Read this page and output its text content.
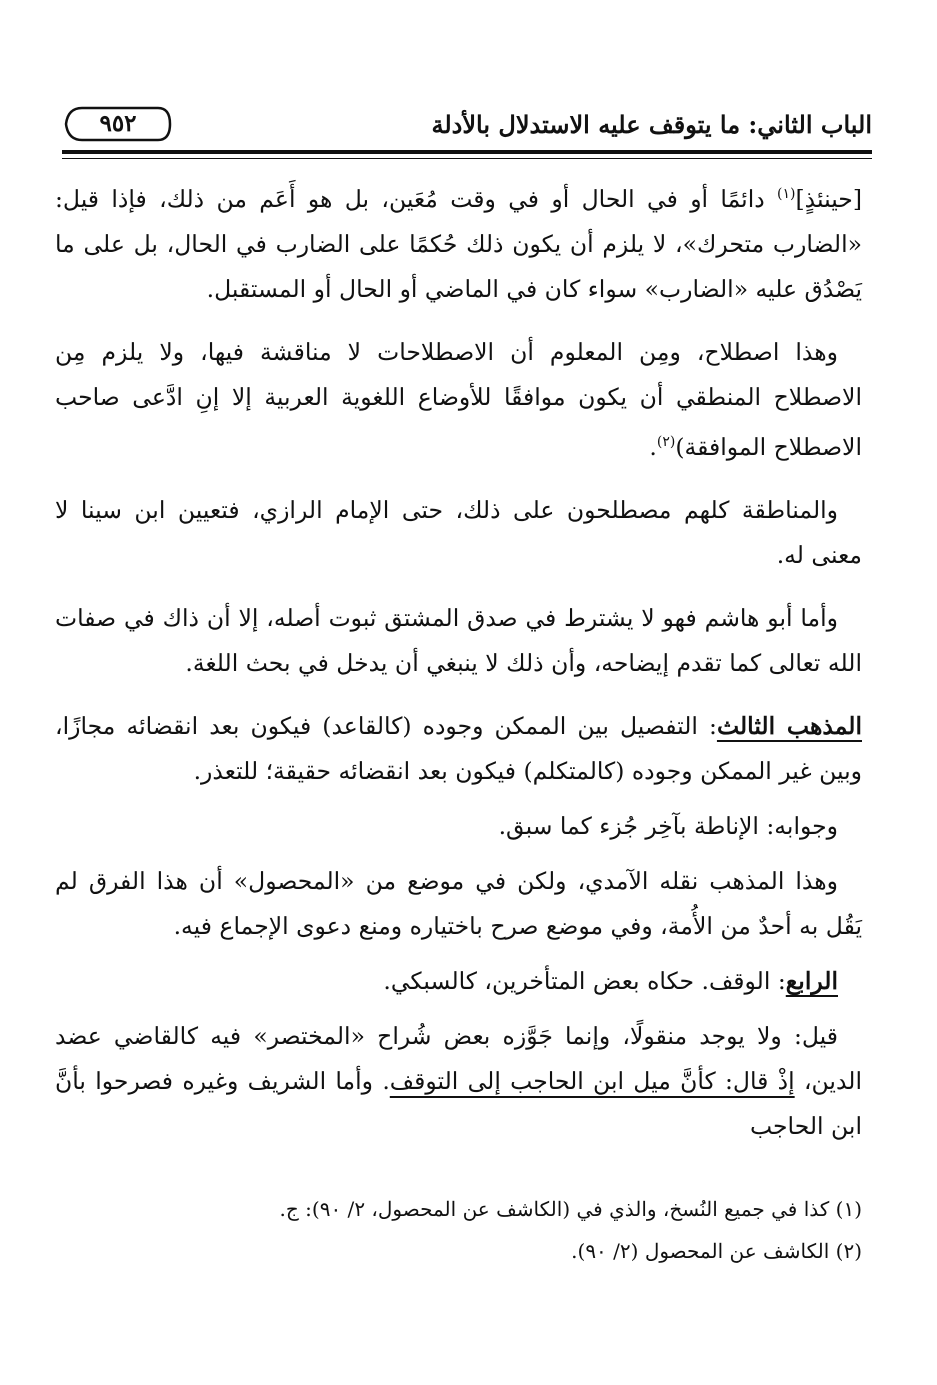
الباب الثاني: ما يتوقف عليه الاستدلال بالأدلة
٩٥٢

[حينئذٍ]$^{(١)}$ دائمًا أو في الحال أو في وقت مُعَين، بل هو أَعَم من ذلك، فإذا قيل: «الضارب متحرك»، لا يلزم أن يكون ذلك حُكمًا على الضارب في الحال، بل على ما يَصْدُق عليه «الضارب» سواء كان في الماضي أو الحال أو المستقبل.

وهذا اصطلاح، ومِن المعلوم أن الاصطلاحات لا مناقشة فيها، ولا يلزم مِن الاصطلاح المنطقي أن يكون موافقًا للأوضاع اللغوية العربية إلا إنِ ادَّعى صاحب الاصطلاح الموافقة)$^{(٢)}$.

والمناطقة كلهم مصطلحون على ذلك، حتى الإمام الرازي، فتعيين ابن سينا لا معنى له.

وأما أبو هاشم فهو لا يشترط في صدق المشتق ثبوت أصله، إلا أن ذاك في صفات الله تعالى كما تقدم إيضاحه، وأن ذلك لا ينبغي أن يدخل في بحث اللغة.

المذهب الثالث: التفصيل بين الممكن وجوده (كالقاعد) فيكون بعد انقضائه مجازًا، وبين غير الممكن وجوده (كالمتكلم) فيكون بعد انقضائه حقيقة؛ للتعذر.

وجوابه: الإناطة بآخِر جُزء كما سبق.

وهذا المذهب نقله الآمدي، ولكن في موضع من «المحصول» أن هذا الفرق لم يَقُل به أحدٌ من الأُمة، وفي موضع صرح باختياره ومنع دعوى الإجماع فيه.

الرابع: الوقف. حكاه بعض المتأخرين، كالسبكي.

قيل: ولا يوجد منقولًا، وإنما جَوَّزه بعض شُراح «المختصر» فيه كالقاضي عضد الدين، إذْ قال: كأنَّ ميل ابن الحاجب إلى التوقف. وأما الشريف وغيره فصرحوا بأنَّ ابن الحاجب

(١) كذا في جميع النُسخ، والذي في (الكاشف عن المحصول، ٢/ ٩٠): ج.
(٢) الكاشف عن المحصول (٢/ ٩٠).
